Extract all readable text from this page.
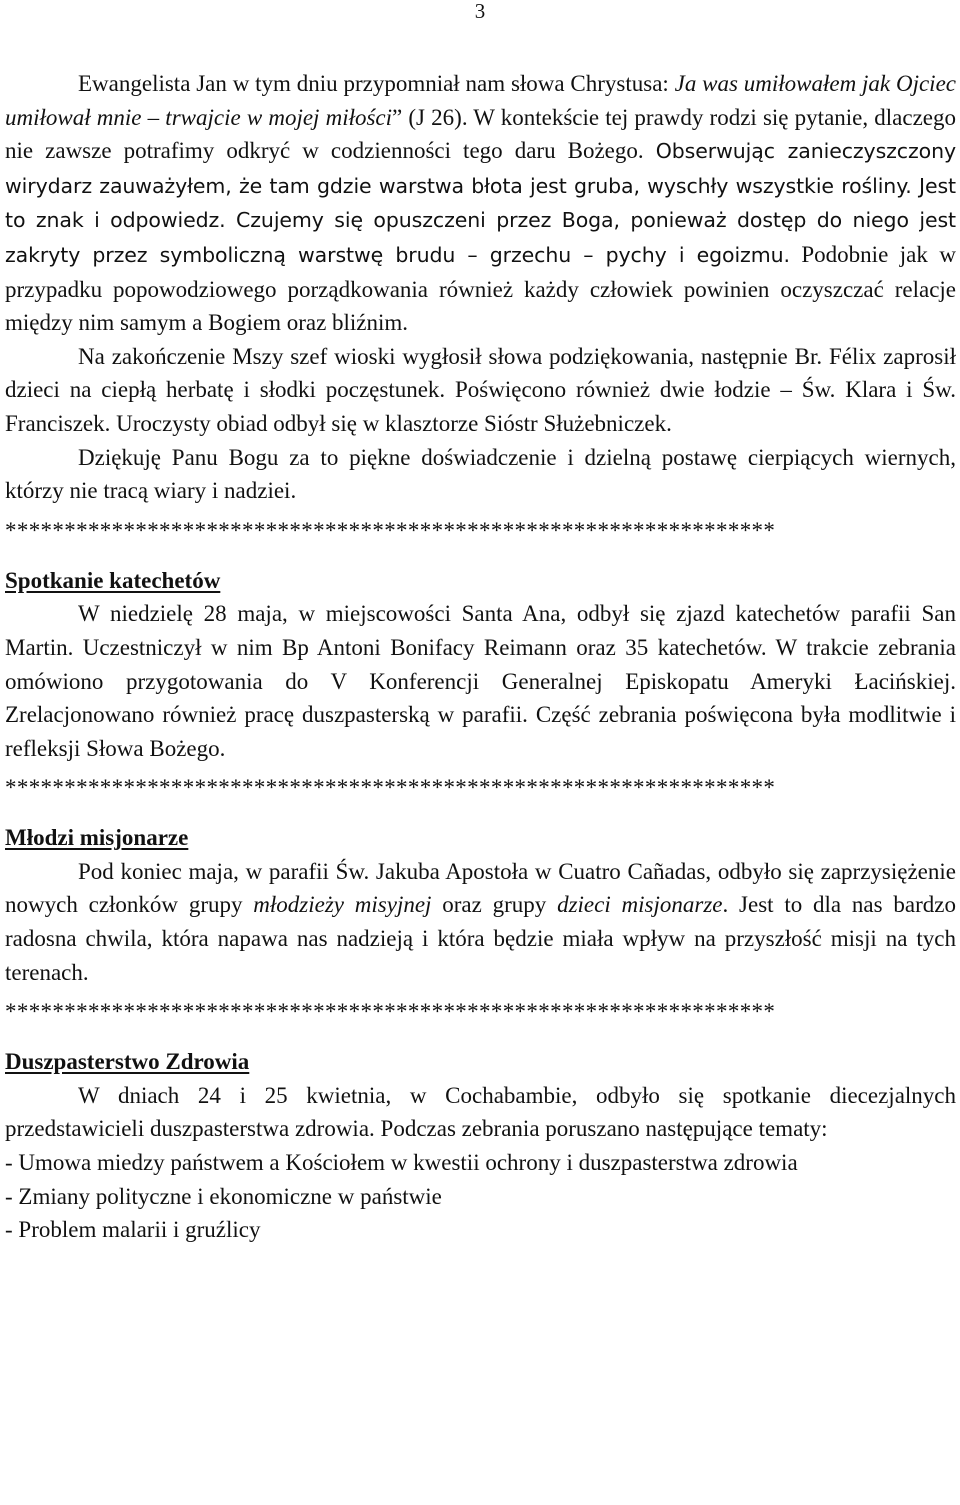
3

Ewangelista Jan w tym dniu przypomniał nam słowa Chrystusa: Ja was umiłowałem jak Ojciec umiłował mnie – trwajcie w mojej miłości” (J 26). W kontekście tej prawdy rodzi się pytanie, dlaczego nie zawsze potrafimy odkryć w codzienności tego daru Bożego. Obserwując zanieczyszczony wirydarz zauważyłem, że tam gdzie warstwa błota jest gruba, wyschły wszystkie rośliny. Jest to znak i odpowiedz. Czujemy się opuszczeni przez Boga, ponieważ dostęp do niego jest zakryty przez symboliczną warstwę brudu – grzechu – pychy i egoizmu. Podobnie jak w przypadku popowodziowego porządkowania również każdy człowiek powinien oczyszczać relacje między nim samym a Bogiem oraz bliźnim.

Na zakończenie Mszy szef wioski wygłosił słowa podziękowania, następnie Br. Félix zaprosił dzieci na ciepłą herbatę i słodki poczęstunek. Poświęcono również dwie łodzie – Św. Klara i Św. Franciszek. Uroczysty obiad odbył się w klasztorze Sióstr Służebniczek.

Dziękuję Panu Bogu za to piękne doświadczenie i dzielną postawę cierpiących wiernych, którzy nie tracą wiary i nadziei.

*****************************************************************
Spotkanie katechetów

W niedzielę 28 maja, w miejscowości Santa Ana, odbył się zjazd katechetów parafii San Martin. Uczestniczył w nim Bp Antoni Bonifacy Reimann oraz 35 katechetów. W trakcie zebrania omówiono przygotowania do V Konferencji Generalnej Episkopatu Ameryki Łacińskiej. Zrelacjonowano również pracę duszpasterską w parafii. Część zebrania poświęcona była modlitwie i refleksji Słowa Bożego.

*****************************************************************
Młodzi misjonarze

Pod koniec maja, w parafii Św. Jakuba Apostoła w Cuatro Cañadas, odbyło się zaprzysiężenie nowych członków grupy młodzieży misyjnej oraz grupy dzieci misjonarze. Jest to dla nas bardzo radosna chwila, która napawa nas nadzieją i która będzie miała wpływ na przyszłość misji na tych terenach.

*****************************************************************
Duszpasterstwo Zdrowia

W dniach 24 i 25 kwietnia, w Cochabambie, odbyło się spotkanie diecezjalnych przedstawicieli duszpasterstwa zdrowia. Podczas zebrania poruszano następujące tematy:

- Umowa miedzy państwem a Kościołem w kwestii ochrony i duszpasterstwa zdrowia

- Zmiany polityczne i ekonomiczne w państwie

- Problem malarii i gruźlicy
